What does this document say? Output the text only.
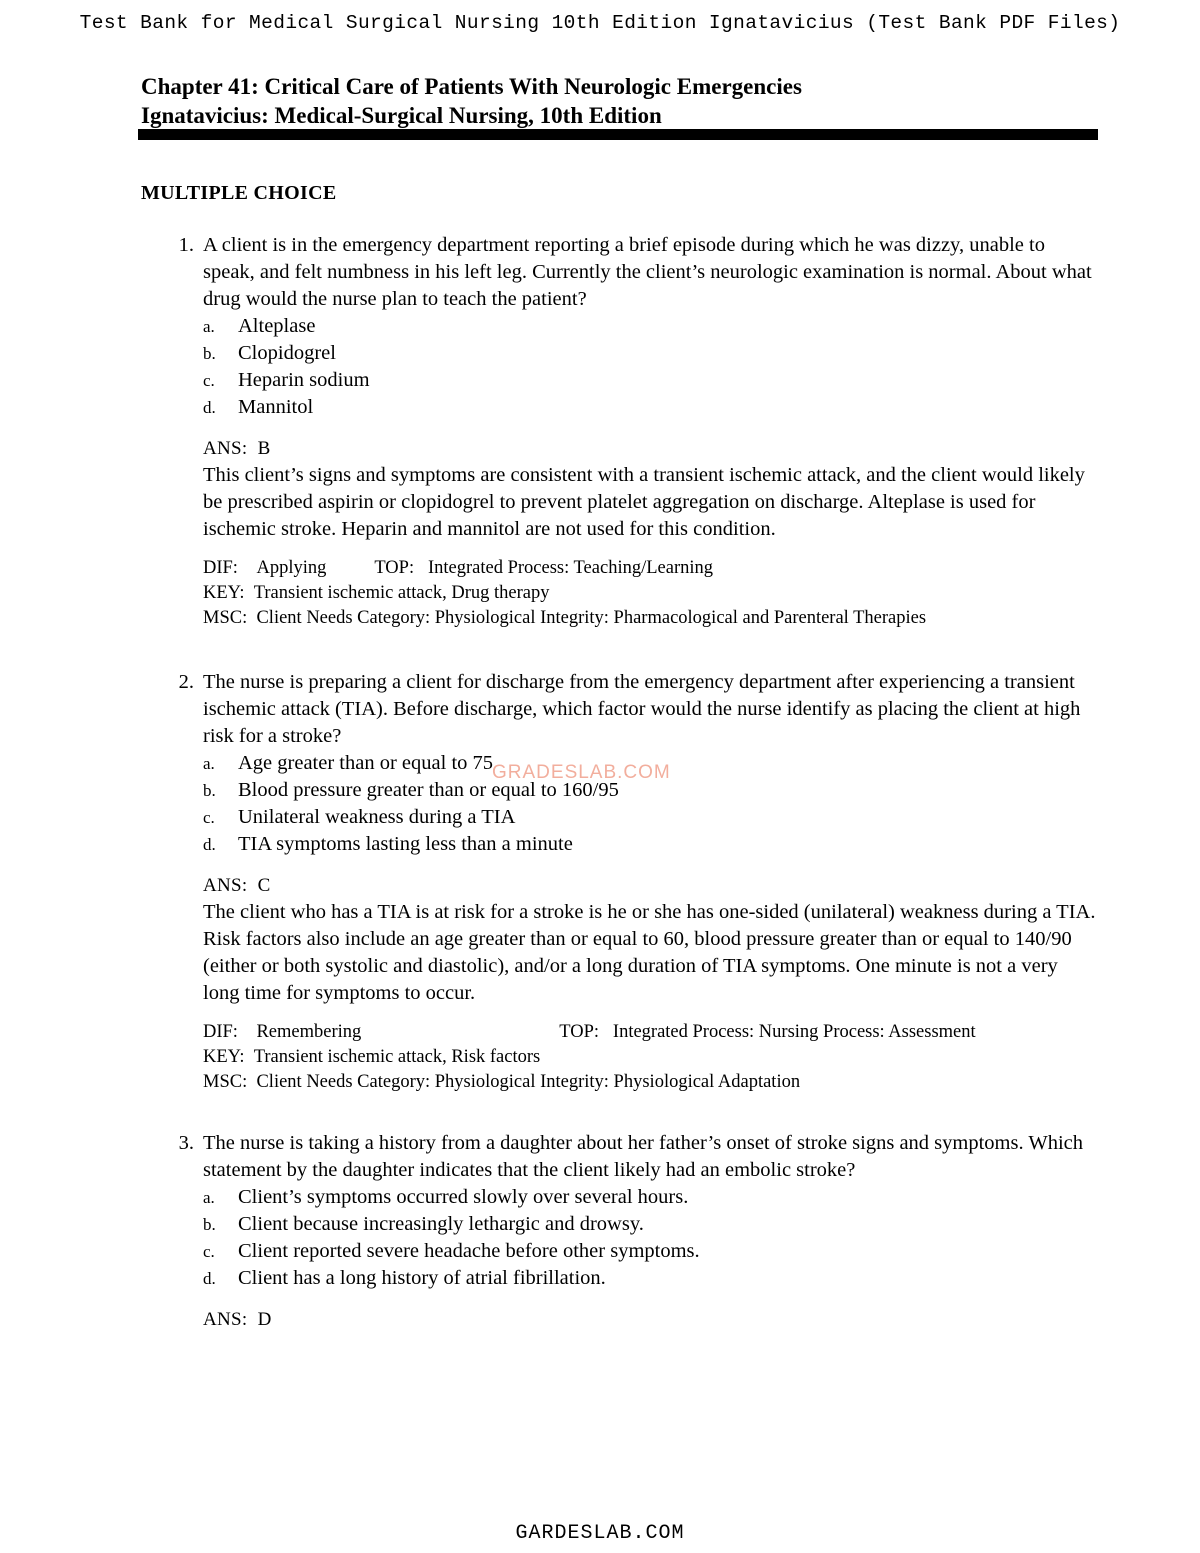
Test Bank for Medical Surgical Nursing 10th Edition Ignatavicius (Test Bank PDF Files)
Chapter 41: Critical Care of Patients With Neurologic Emergencies
Ignatavicius: Medical-Surgical Nursing, 10th Edition
MULTIPLE CHOICE
1. A client is in the emergency department reporting a brief episode during which he was dizzy, unable to speak, and felt numbness in his left leg. Currently the client’s neurologic examination is normal. About what drug would the nurse plan to teach the patient?
a. Alteplase
b. Clopidogrel
c. Heparin sodium
d. Mannitol
ANS: B
This client’s signs and symptoms are consistent with a transient ischemic attack, and the client would likely be prescribed aspirin or clopidogrel to prevent platelet aggregation on discharge. Alteplase is used for ischemic stroke. Heparin and mannitol are not used for this condition.
DIF: Applying	TOP: Integrated Process: Teaching/Learning
KEY: Transient ischemic attack, Drug therapy
MSC: Client Needs Category: Physiological Integrity: Pharmacological and Parenteral Therapies
2. The nurse is preparing a client for discharge from the emergency department after experiencing a transient ischemic attack (TIA). Before discharge, which factor would the nurse identify as placing the client at high risk for a stroke?
a. Age greater than or equal to 75
b. Blood pressure greater than or equal to 160/95
c. Unilateral weakness during a TIA
d. TIA symptoms lasting less than a minute
ANS: C
The client who has a TIA is at risk for a stroke is he or she has one-sided (unilateral) weakness during a TIA. Risk factors also include an age greater than or equal to 60, blood pressure greater than or equal to 140/90 (either or both systolic and diastolic), and/or a long duration of TIA symptoms. One minute is not a very long time for symptoms to occur.
DIF: Remembering	TOP: Integrated Process: Nursing Process: Assessment
KEY: Transient ischemic attack, Risk factors
MSC: Client Needs Category: Physiological Integrity: Physiological Adaptation
3. The nurse is taking a history from a daughter about her father’s onset of stroke signs and symptoms. Which statement by the daughter indicates that the client likely had an embolic stroke?
a. Client’s symptoms occurred slowly over several hours.
b. Client because increasingly lethargic and drowsy.
c. Client reported severe headache before other symptoms.
d. Client has a long history of atrial fibrillation.
ANS: D
GRADESLAB.COM
GARDESLAB.COM
